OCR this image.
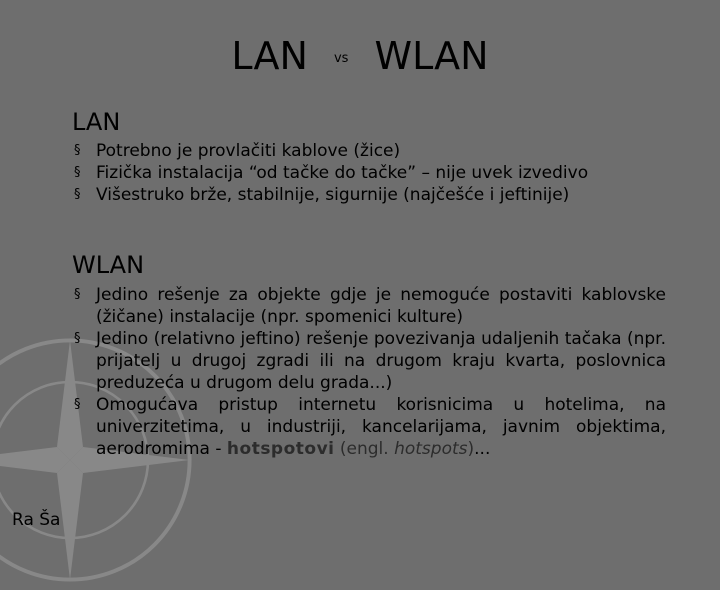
LAN vs WLAN
LAN
§ Potrebno je provlačiti kablove (žice)
§ Fizička instalacija “od tačke do tačke” – nije uvek izvedivo
§ Višestruko brže, stabilnije, sigurnije (najčešće i jeftinije)
WLAN
§ Jedino rešenje za objekte gdje je nemoguće postaviti kablovske (žičane) instalacije (npr. spomenici kulture)
§ Jedino (relativno jeftino) rešenje povezivanja udaljenih tačaka (npr. prijatelj u drugoj zgradi ili na drugom kraju kvarta, poslovnica preduzeća u drugom delu grada...)
§ Omogućava pristup internetu korisnicima u hotelima, na univerzitetima, u industriji, kancelarijama, javnim objektima, aerodromima - hotspotovi (engl. hotspots)...
Ra Ša
